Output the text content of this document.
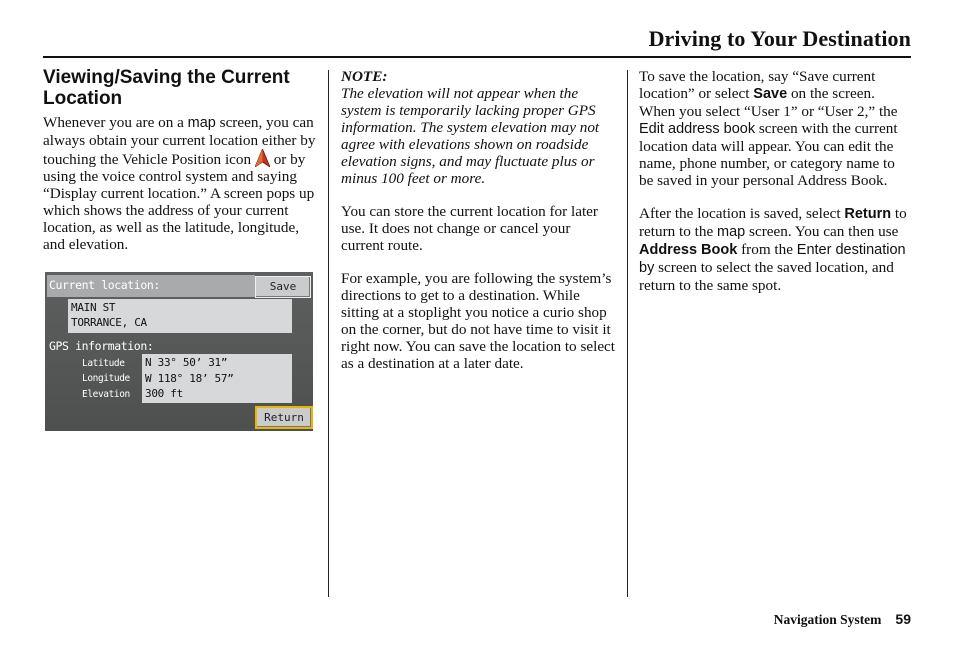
Driving to Your Destination
Viewing/Saving the Current Location

Whenever you are on a map screen, you can always obtain your current location either by touching the Vehicle Position icon  or by using the voice control system and saying “Display current location.” A screen pops up which shows the address of your current location, as well as the latitude, longitude, and elevation.

Current location:	Save
MAIN ST
TORRANCE, CA
GPS information:
Latitude
Longitude
Elevation
N 33° 50’ 31”
W 118° 18’ 57”
300 ft
Return

NOTE:
The elevation will not appear when the system is temporarily lacking proper GPS information. The system elevation may not agree with elevations shown on roadside elevation signs, and may fluctuate plus or minus 100 feet or more.

You can store the current location for later use. It does not change or cancel your current route.

For example, you are following the system’s directions to get to a destination. While sitting at a stoplight you notice a curio shop on the corner, but do not have time to visit it right now. You can save the location to select as a destination at a later date.

To save the location, say “Save current location” or select Save on the screen. When you select “User 1” or “User 2,” the Edit address book screen with the current location data will appear. You can edit the name, phone number, or category name to be saved in your personal Address Book.

After the location is saved, select Return to return to the map screen. You can then use Address Book from the Enter destination by screen to select the saved location, and return to the same spot.

Navigation System 59
